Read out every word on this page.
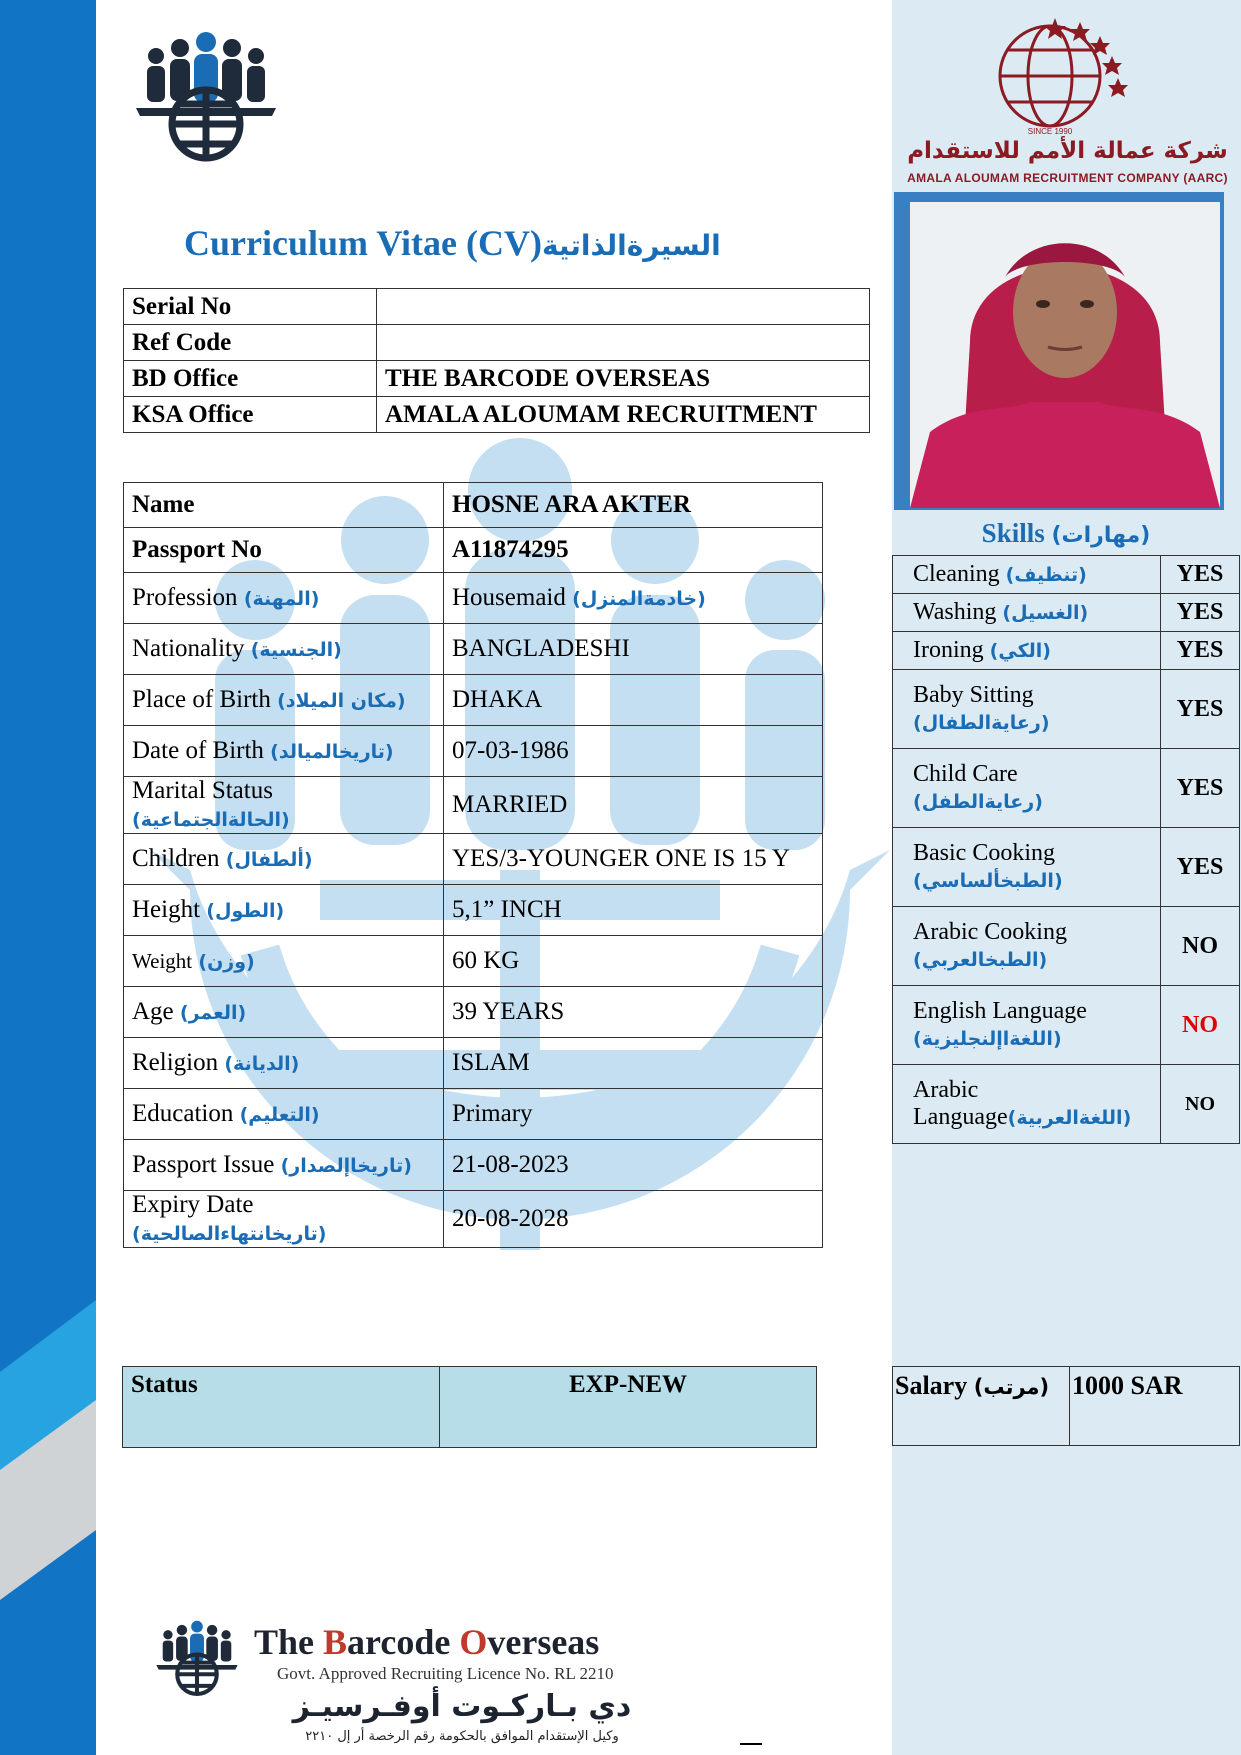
SINCE 1990
شركة عمالة الأمم للاستقدام
AMALA ALOUMAM RECRUITMENT COMPANY (AARC)
Curriculum Vitae (CV)السيرةالذاتية
Serial No	
Ref Code	
BD Office	THE BARCODE OVERSEAS
KSA Office	AMALA ALOUMAM RECRUITMENT
Name	HOSNE ARA AKTER
Passport No	A11874295
Profession (المهنة)	Housemaid (خادمةالمنزل)
Nationality (الجنسية)	BANGLADESHI
Place of Birth (مكان الميلاد)	DHAKA
Date of Birth (تاريخالميالد)	07-03-1986
Marital Status (الحالةالجتماعية)	MARRIED
Children (ألطفال)	YES/3-YOUNGER ONE IS 15 Y
Height (الطول)	5,1” INCH
Weight (وزن)	60 KG
Age (العمر)	39 YEARS
Religion (الديانة)	ISLAM
Education (التعليم)	Primary
Passport Issue (تاريخاإلصدار)	21-08-2023
Expiry Date (تاريخانتهاءالصالحية)	20-08-2028
Skills (مهارات)
Cleaning (تنظيف)	YES
Washing (الغسيل)	YES
Ironing (الكي)	YES
Baby Sitting
(رعايةالطفال)	YES
Child Care
(رعايةالطفل)	YES
Basic Cooking
(الطبخألساسي)	YES
Arabic Cooking
(الطبخالعربي)	NO
English Language
(اللغةاإلنجليزية)	NO
Arabic
Language(اللغةالعربية)	NO
Status	EXP-NEW	Salary (مرتب)	1000 SAR
The Barcode Overseas
Govt. Approved Recruiting Licence No. RL 2210
دي بـاركـوت أوفـرسيـز
وكيل الإستقدام الموافق بالحكومة رقم الرخصة أر إل ٢٢١٠
